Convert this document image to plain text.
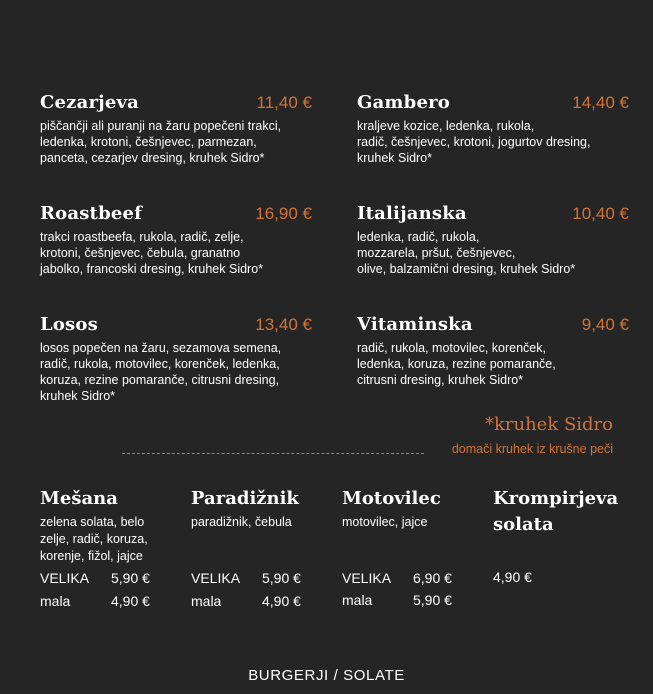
Cezarjeva	11,40 €

piščančji ali puranji na žaru popečeni trakci,
ledenka, krotoni, češnjevec, parmezan,
panceta, cezarjev dresing, kruhek Sidro*

Gambero	14,40 €

kraljeve kozice, ledenka, rukola,
radič, češnjevec, krotoni, jogurtov dresing,
kruhek Sidro*

Roastbeef	16,90 €

trakci roastbeefa, rukola, radič, zelje,
krotoni, češnjevec, čebula, granatno
jabolko, francoski dresing, kruhek Sidro*

Italijanska	10,40 €

ledenka, radič, rukola,
mozzarela, pršut, češnjevec,
olive, balzamični dresing, kruhek Sidro*

Losos	13,40 €

losos popečen na žaru, sezamova semena,
radič, rukola, motovilec, korenček, ledenka,
koruza, rezine pomaranče, citrusni dresing,
kruhek Sidro*

Vitaminska	9,40 €

radič, rukola, motovilec, korenček,
ledenka, koruza, rezine pomaranče,
citrusni dresing, kruhek Sidro*

*kruhek Sidro
domači kruhek iz krušne peči
Mešana

zelena solata, belo
zelje, radič, koruza,
korenje, fižol, jajce

VELIKA 5,90 €
mala	4,90 €
Paradižnik

paradižnik, čebula

VELIKA 5,90 €
mala	4,90 €
Motovilec

motovilec, jajce

VELIKA 6,90 €
mala	5,90 €
Krompirjeva
solata
4,90 €
BURGERJI / SOLATE
